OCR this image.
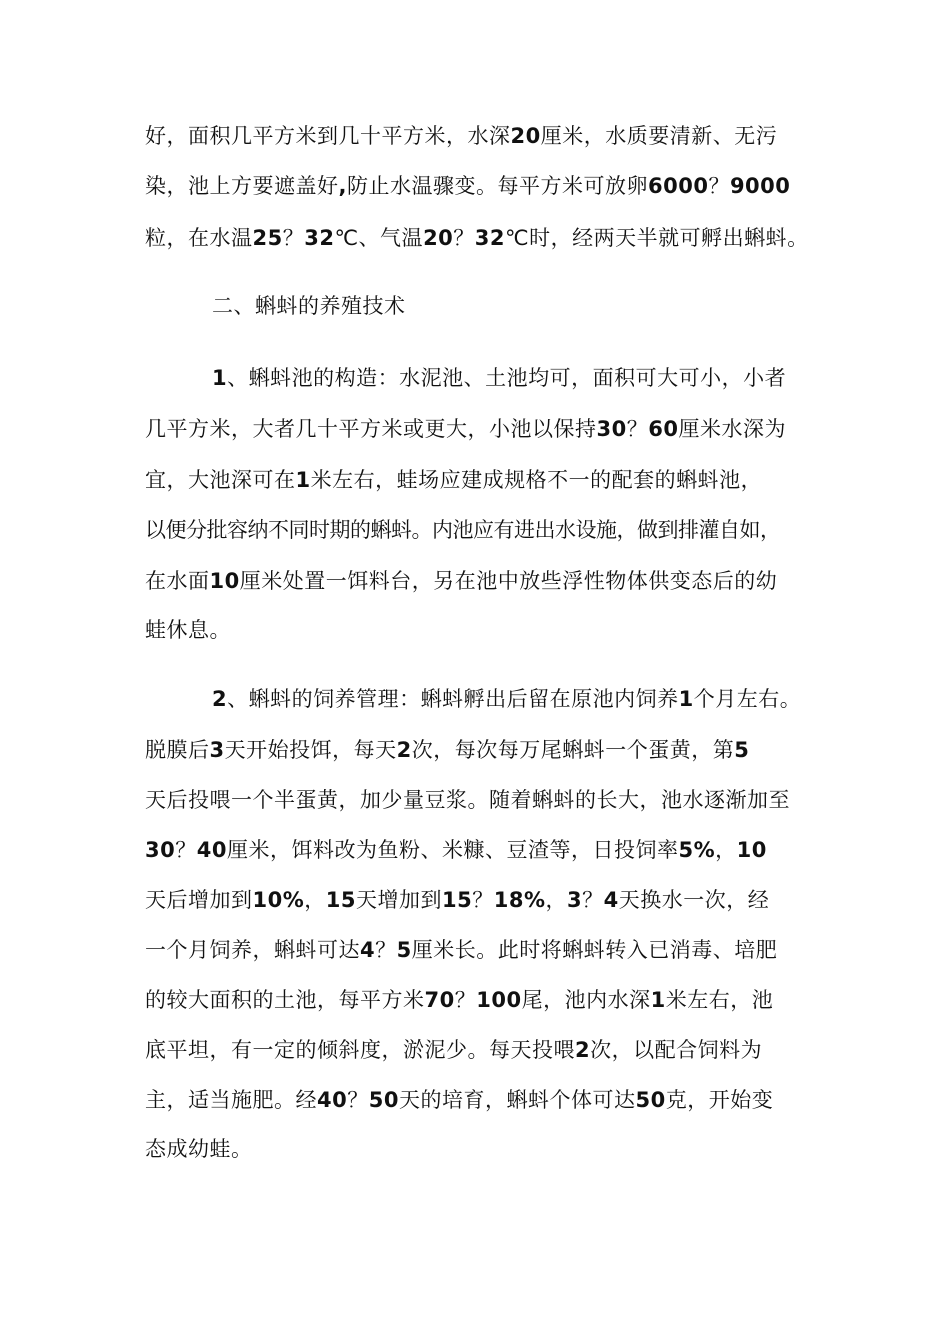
好，面积几平方米到几十平方米，水深20厘米，水质要清新、无污
染，池上方要遮盖好,防止水温骤变。每平方米可放卵6000？9000
粒，在水温25？32℃、气温20？32℃时，经两天半就可孵出蝌蚪。
二、蝌蚪的养殖技术
1、蝌蚪池的构造：水泥池、土池均可，面积可大可小，小者
几平方米，大者几十平方米或更大，小池以保持30？60厘米水深为
宜，大池深可在1米左右，蛙场应建成规格不一的配套的蝌蚪池，
以便分批容纳不同时期的蝌蚪。内池应有进出水设施，做到排灌自如，
在水面10厘米处置一饵料台，另在池中放些浮性物体供变态后的幼
蛙休息。
2、蝌蚪的饲养管理：蝌蚪孵出后留在原池内饲养1个月左右。
脱膜后3天开始投饵，每天2次，每次每万尾蝌蚪一个蛋黄，第5
天后投喂一个半蛋黄，加少量豆浆。随着蝌蚪的长大，池水逐渐加至
30？40厘米，饵料改为鱼粉、米糠、豆渣等，日投饲率5%，10
天后增加到10%，15天增加到15？18%，3？4天换水一次，经
一个月饲养，蝌蚪可达4？5厘米长。此时将蝌蚪转入已消毒、培肥
的较大面积的土池，每平方米70？100尾，池内水深1米左右，池
底平坦，有一定的倾斜度，淤泥少。每天投喂2次，以配合饲料为
主，适当施肥。经40？50天的培育，蝌蚪个体可达50克，开始变
态成幼蛙。
